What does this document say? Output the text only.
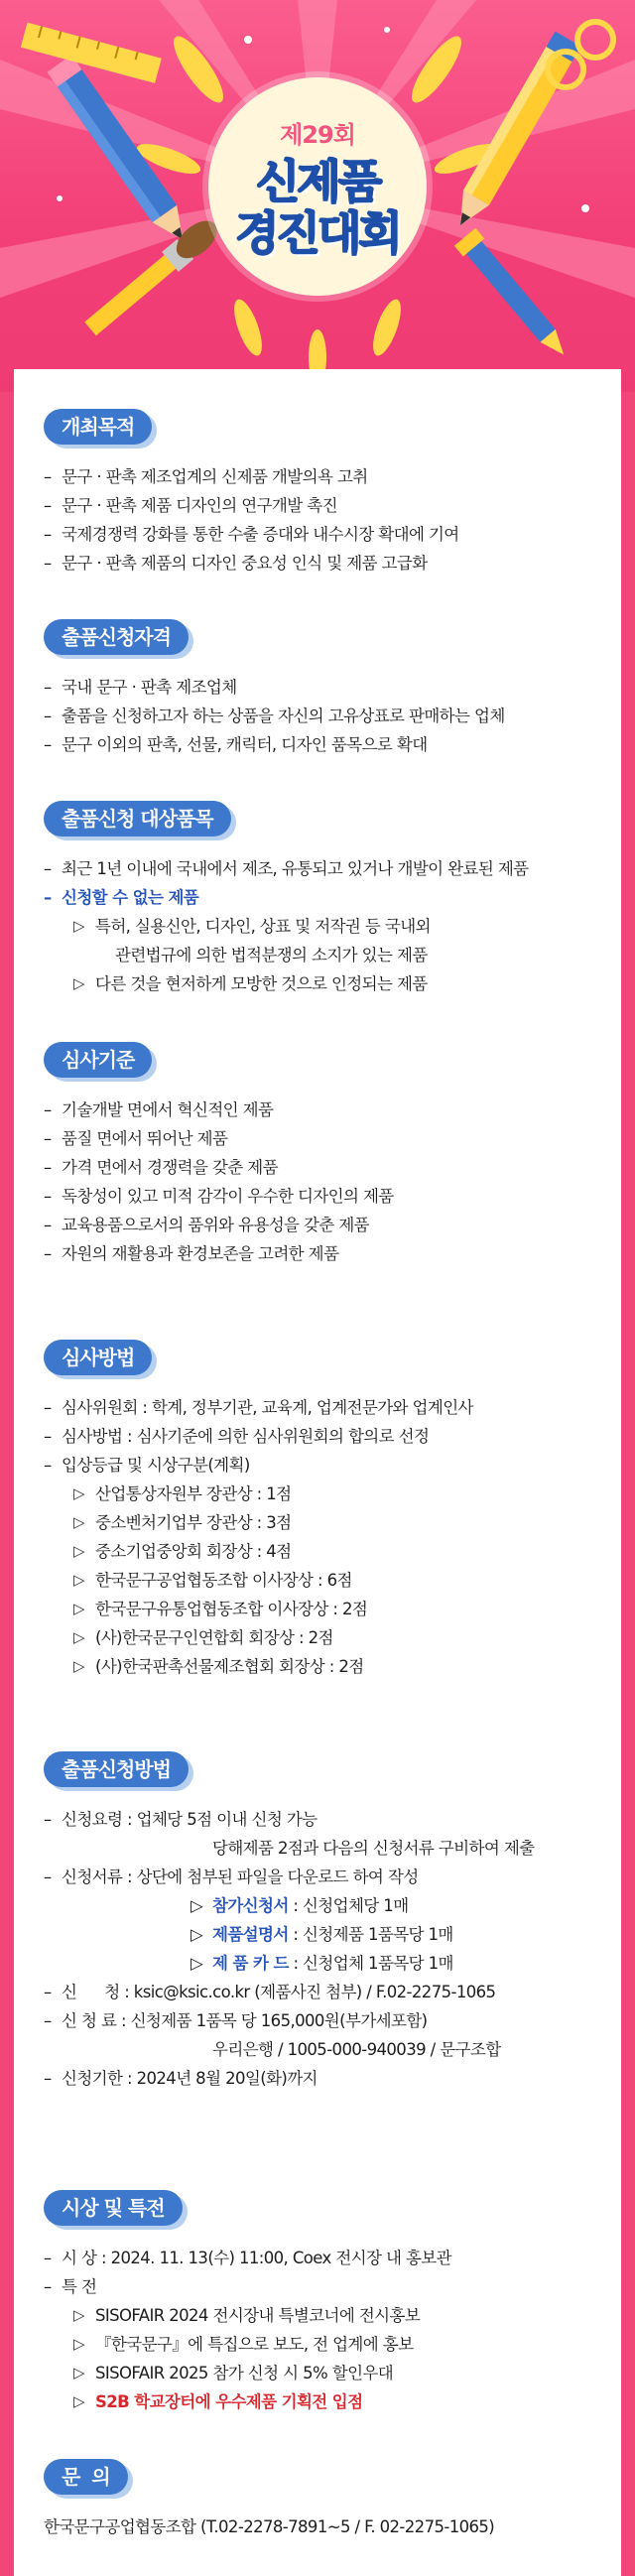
제29회
신제품
경진대회
개최목적
– 문구 · 판촉 제조업계의 신제품 개발의욕 고취
– 문구 · 판촉 제품 디자인의 연구개발 촉진
– 국제경쟁력 강화를 통한 수출 증대와 내수시장 확대에 기여
– 문구 · 판촉 제품의 디자인 중요성 인식 및 제품 고급화
출품신청자격
– 국내 문구 · 판촉 제조업체
– 출품을 신청하고자 하는 상품을 자신의 고유상표로 판매하는 업체
– 문구 이외의 판촉, 선물, 캐릭터, 디자인 품목으로 확대
출품신청 대상품목
– 최근 1년 이내에 국내에서 제조, 유통되고 있거나 개발이 완료된 제품
– 신청할 수 없는 제품
▷ 특허, 실용신안, 디자인, 상표 및 저작권 등 국내외
관련법규에 의한 법적분쟁의 소지가 있는 제품
▷ 다른 것을 현저하게 모방한 것으로 인정되는 제품
심사기준
– 기술개발 면에서 혁신적인 제품
– 품질 면에서 뛰어난 제품
– 가격 면에서 경쟁력을 갖춘 제품
– 독창성이 있고 미적 감각이 우수한 디자인의 제품
– 교육용품으로서의 품위와 유용성을 갖춘 제품
– 자원의 재활용과 환경보존을 고려한 제품
심사방법
– 심사위원회 : 학계, 정부기관, 교육계, 업계전문가와 업계인사
– 심사방법 : 심사기준에 의한 심사위원회의 합의로 선정
– 입상등급 및 시상구분(계획)
▷ 산업통상자원부 장관상 : 1점
▷ 중소벤처기업부 장관상 : 3점
▷ 중소기업중앙회 회장상 : 4점
▷ 한국문구공업협동조합 이사장상 : 6점
▷ 한국문구유통업협동조합 이사장상 : 2점
▷ (사)한국문구인연합회 회장상 : 2점
▷ (사)한국판촉선물제조협회 회장상 : 2점
출품신청방법
– 신청요령 : 업체당 5점 이내 신청 가능
당해제품 2점과 다음의 신청서류 구비하여 제출
– 신청서류 : 상단에 첨부된 파일을 다운로드 하여 작성
▷ 참가신청서 : 신청업체당 1매
▷ 제품설명서 : 신청제품 1품목당 1매
▷ 제 품 카 드 : 신청업체 1품목당 1매
– 신      청 : ksic@ksic.co.kr (제품사진 첨부) / F.02-2275-1065
– 신 청 료 : 신청제품 1품목 당 165,000원(부가세포함)
우리은행 / 1005-000-940039 / 문구조합
– 신청기한 : 2024년 8월 20일(화)까지
시상 및 특전
– 시 상 : 2024. 11. 13(수) 11:00, Coex 전시장 내 홍보관
– 특 전
▷ SISOFAIR 2024 전시장내 특별코너에 전시홍보
▷ 『한국문구』에 특집으로 보도, 전 업계에 홍보
▷ SISOFAIR 2025 참가 신청 시 5% 할인우대
▷ S2B 학교장터에 우수제품 기획전 입점
문  의
한국문구공업협동조합 (T.02-2278-7891~5 / F. 02-2275-1065)
